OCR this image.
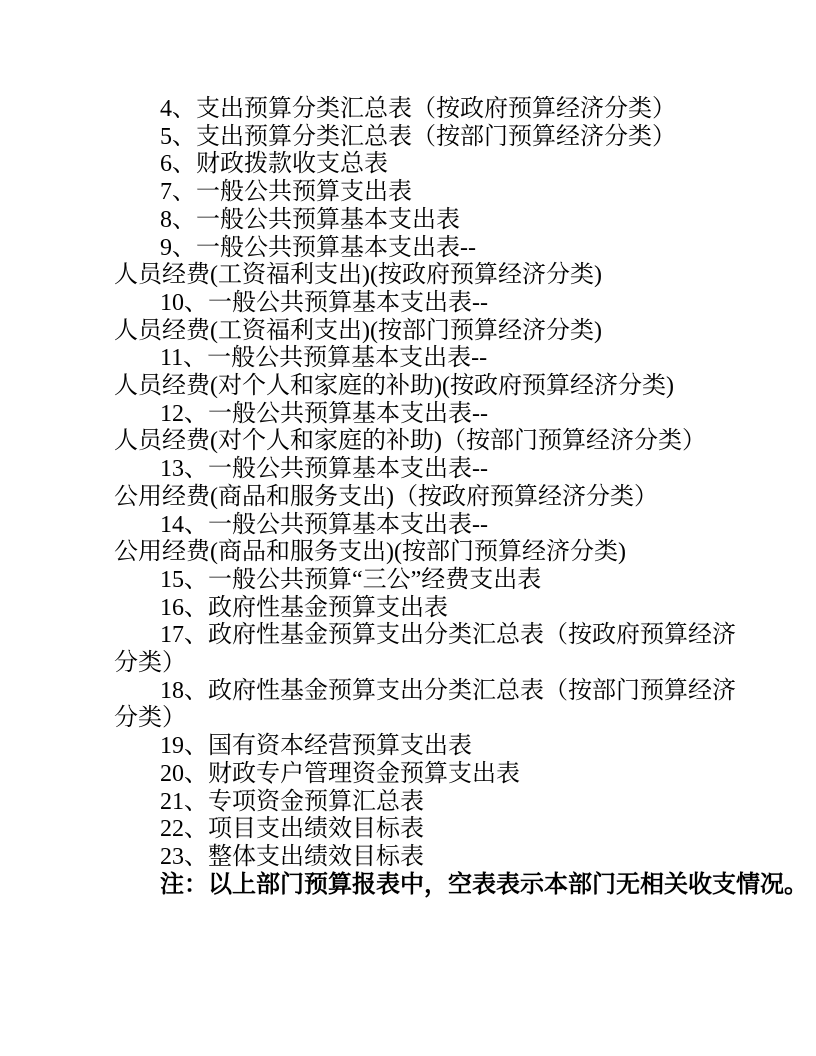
4、支出预算分类汇总表（按政府预算经济分类）

5、支出预算分类汇总表（按部门预算经济分类）

6、财政拨款收支总表

7、一般公共预算支出表

8、一般公共预算基本支出表

9、一般公共预算基本支出表--

人员经费(工资福利支出)(按政府预算经济分类)

10、一般公共预算基本支出表--

人员经费(工资福利支出)(按部门预算经济分类)

11、一般公共预算基本支出表--

人员经费(对个人和家庭的补助)(按政府预算经济分类)

12、一般公共预算基本支出表--

人员经费(对个人和家庭的补助)（按部门预算经济分类）

13、一般公共预算基本支出表--

公用经费(商品和服务支出)（按政府预算经济分类）

14、一般公共预算基本支出表--

公用经费(商品和服务支出)(按部门预算经济分类)

15、一般公共预算“三公”经费支出表

16、政府性基金预算支出表

17、政府性基金预算支出分类汇总表（按政府预算经济

分类）

18、政府性基金预算支出分类汇总表（按部门预算经济

分类）

19、国有资本经营预算支出表

20、财政专户管理资金预算支出表

21、专项资金预算汇总表

22、项目支出绩效目标表

23、整体支出绩效目标表

注：以上部门预算报表中，空表表示本部门无相关收支情况。
